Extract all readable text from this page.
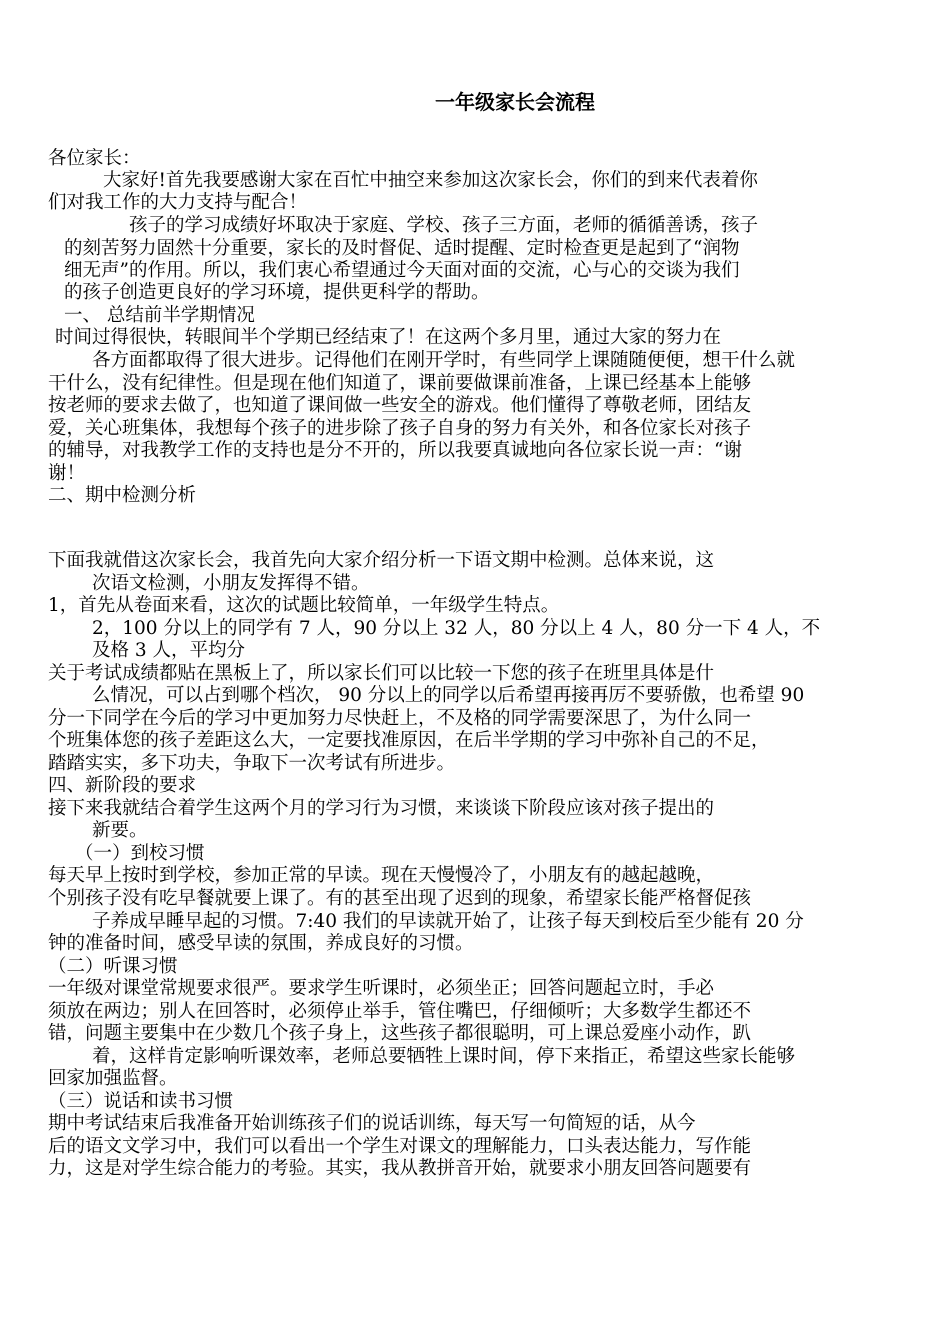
一年级家长会流程
各位家长：
大家好!首先我要感谢大家在百忙中抽空来参加这次家长会，你们的到来代表着你
们对我工作的大力支持与配合！
孩子的学习成绩好坏取决于家庭、学校、孩子三方面，老师的循循善诱，孩子
的刻苦努力固然十分重要，家长的及时督促、适时提醒、定时检查更是起到了“润物
细无声”的作用。所以，我们衷心希望通过今天面对面的交流，心与心的交谈为我们
的孩子创造更良好的学习环境，提供更科学的帮助。
一、 总结前半学期情况
时间过得很快，转眼间半个学期已经结束了！在这两个多月里，通过大家的努力在
各方面都取得了很大进步。记得他们在刚开学时，有些同学上课随随便便，想干什么就
干什么，没有纪律性。但是现在他们知道了，课前要做课前准备，上课已经基本上能够
按老师的要求去做了，也知道了课间做一些安全的游戏。他们懂得了尊敬老师，团结友
爱，关心班集体，我想每个孩子的进步除了孩子自身的努力有关外，和各位家长对孩子
的辅导，对我教学工作的支持也是分不开的，所以我要真诚地向各位家长说一声：“谢
谢！
二、期中检测分析
下面我就借这次家长会，我首先向大家介绍分析一下语文期中检测。总体来说，这
次语文检测，小朋友发挥得不错。
1，首先从卷面来看，这次的试题比较简单，一年级学生特点。
2，100 分以上的同学有 7 人，90 分以上 32 人，80 分以上 4 人，80 分一下 4 人，不
及格 3 人，平均分
关于考试成绩都贴在黑板上了，所以家长们可以比较一下您的孩子在班里具体是什
么情况，可以占到哪个档次， 90 分以上的同学以后希望再接再厉不要骄傲，也希望 90
分一下同学在今后的学习中更加努力尽快赶上，不及格的同学需要深思了，为什么同一
个班集体您的孩子差距这么大，一定要找准原因，在后半学期的学习中弥补自己的不足，
踏踏实实，多下功夫，争取下一次考试有所进步。
四、新阶段的要求
接下来我就结合着学生这两个月的学习行为习惯，来谈谈下阶段应该对孩子提出的
新要。
（一）到校习惯
每天早上按时到学校，参加正常的早读。现在天慢慢冷了，小朋友有的越起越晚，
个别孩子没有吃早餐就要上课了。有的甚至出现了迟到的现象，希望家长能严格督促孩
子养成早睡早起的习惯。7:40 我们的早读就开始了，让孩子每天到校后至少能有 20 分
钟的准备时间，感受早读的氛围，养成良好的习惯。
（二）听课习惯
一年级对课堂常规要求很严。要求学生听课时，必须坐正；回答问题起立时，手必
须放在两边；别人在回答时，必须停止举手，管住嘴巴，仔细倾听；大多数学生都还不
错，问题主要集中在少数几个孩子身上，这些孩子都很聪明，可上课总爱座小动作，趴
着，这样肯定影响听课效率，老师总要牺牲上课时间，停下来指正，希望这些家长能够
回家加强监督。
（三）说话和读书习惯
期中考试结束后我准备开始训练孩子们的说话训练，每天写一句简短的话，从今
后的语文文学习中，我们可以看出一个学生对课文的理解能力，口头表达能力，写作能
力，这是对学生综合能力的考验。其实，我从教拼音开始，就要求小朋友回答问题要有
